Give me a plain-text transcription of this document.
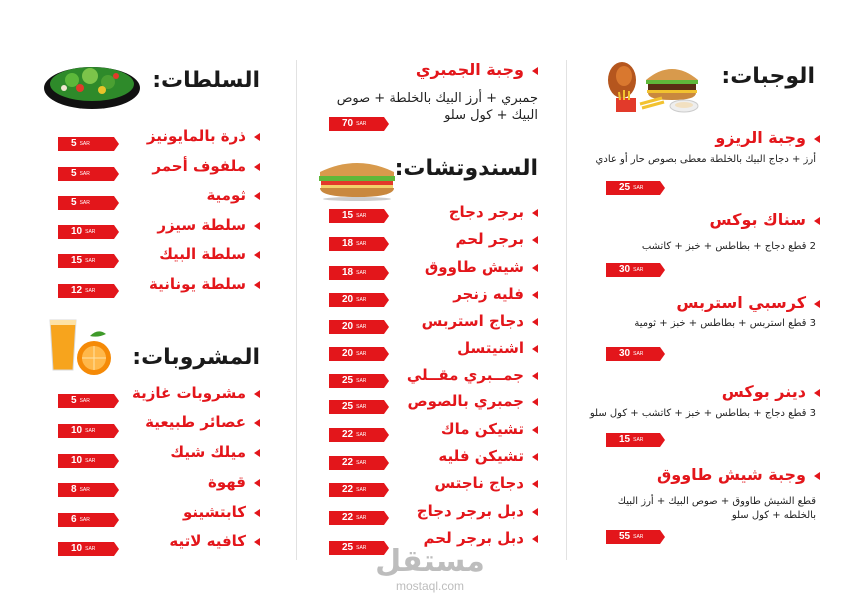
السلطات:
ذرة بالمايونيز
5 SAR
ملفوف أحمر
5 SAR
ثومية
5 SAR
سلطة سيزر
10 SAR
سلطة البيك
15 SAR
سلطة يونانية
12 SAR
المشروبات:
مشروبات غازية
5 SAR
عصائر طبيعية
10 SAR
ميلك شيك
10 SAR
قهوة
8 SAR
كابتشينو
6 SAR
كافيه لاتيه
10 SAR
وجبة الجمبري
جمبري + أرز البيك بالخلطة + صوص
البيك + كول سلو
70 SAR
السندوتشات:
برجر دجاج
15 SAR
برجر لحم
18 SAR
شيش طاووق
18 SAR
فليه زنجر
20 SAR
دجاج استربس
20 SAR
اشنيتسل
20 SAR
جمــبري مقــلي
25 SAR
جمبري بالصوص
25 SAR
تشيكن ماك
22 SAR
تشيكن فليه
22 SAR
دجاج ناجتس
22 SAR
دبل برجر دجاج
22 SAR
دبل برجر لحم
25 SAR
الوجبات:
وجبة الريزو
أرز + دجاج البيك بالخلطة معطى بصوص حار أو عادي
25 SAR
سناك بوكس
2 قطع دجاج + بطاطس + خبز + كاتشب
30 SAR
كرسبي استربس
3 قطع استربس + بطاطس + خبز + ثومية
30 SAR
دينر بوكس
3 قطع دجاج + بطاطس + خبز + كاتشب + كول سلو
15 SAR
وجبة شيش طاووق
قطع الشيش طاووق + صوص البيك + أرز البيك
بالخلطه + كول سلو
55 SAR
مستقل
mostaql.com
